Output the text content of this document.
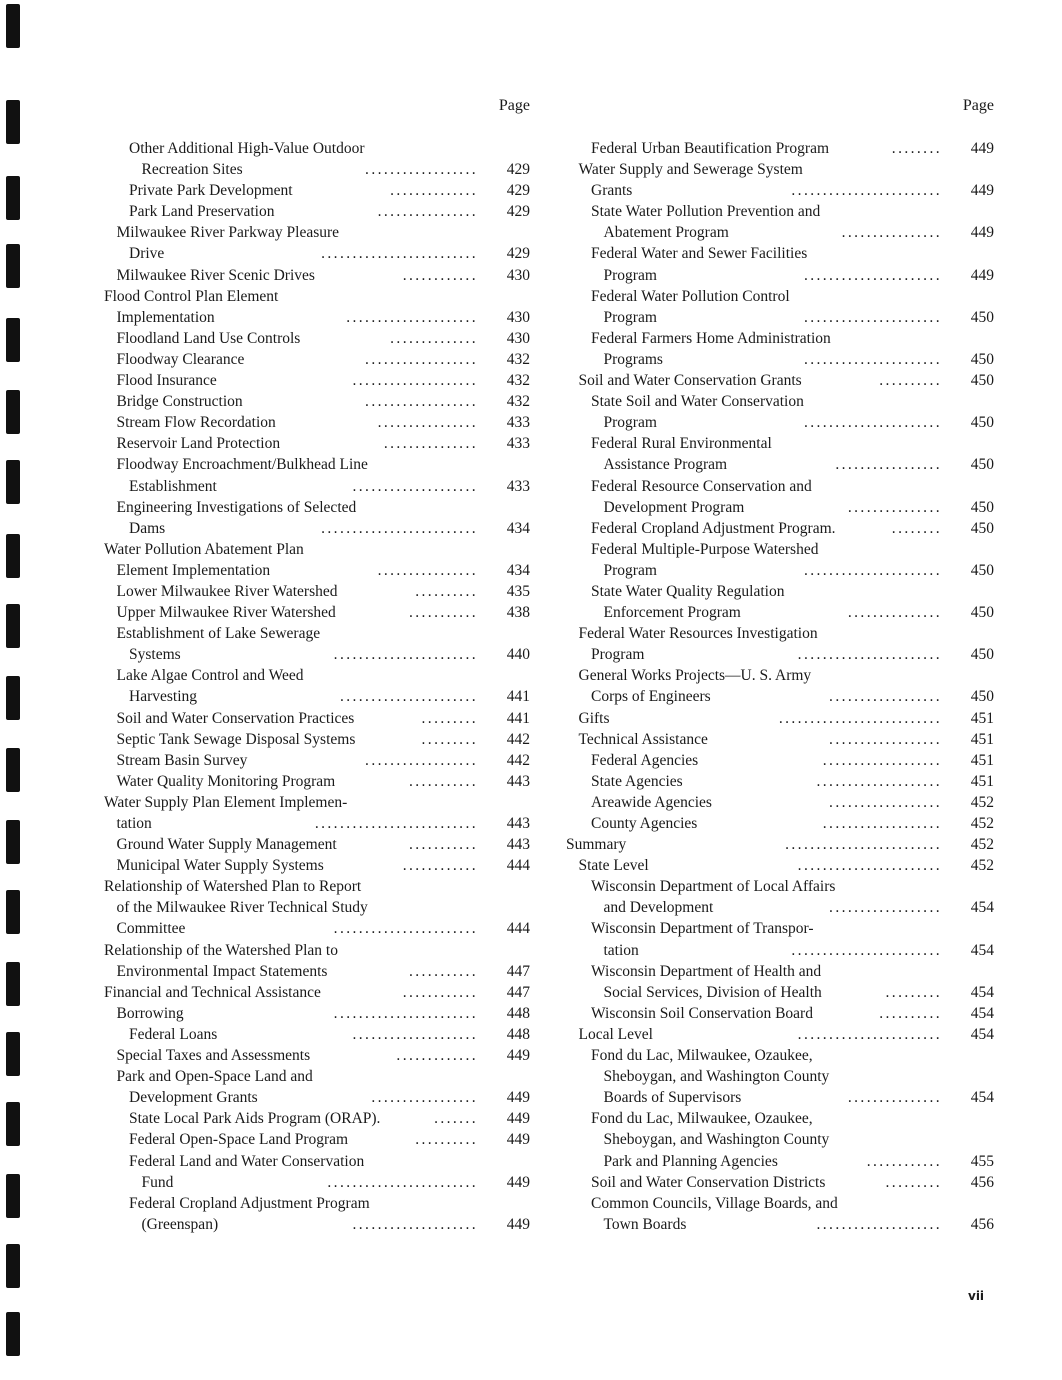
Page
Other Additional High-Value Outdoor
Recreation Sites	..................	429
Private Park Development	..............	429
Park Land Preservation	................	429
Milwaukee River Parkway Pleasure
Drive	.........................	429
Milwaukee River Scenic Drives	............	430
Flood Control Plan Element
Implementation	.....................	430
Floodland Land Use Controls	..............	430
Floodway Clearance	..................	432
Flood Insurance	....................	432
Bridge Construction	..................	432
Stream Flow Recordation	................	433
Reservoir Land Protection	...............	433
Floodway Encroachment/Bulkhead Line
Establishment	....................	433
Engineering Investigations of Selected
Dams	.........................	434
Water Pollution Abatement Plan
Element Implementation	................	434
Lower Milwaukee River Watershed	..........	435
Upper Milwaukee River Watershed	...........	438
Establishment of Lake Sewerage
Systems	.......................	440
Lake Algae Control and Weed
Harvesting	......................	441
Soil and Water Conservation Practices	.........	441
Septic Tank Sewage Disposal Systems	.........	442
Stream Basin Survey	..................	442
Water Quality Monitoring Program	...........	443
Water Supply Plan Element Implemen-
tation	..........................	443
Ground Water Supply Management	...........	443
Municipal Water Supply Systems	............	444
Relationship of Watershed Plan to Report
of the Milwaukee River Technical Study
Committee	.......................	444
Relationship of the Watershed Plan to
Environmental Impact Statements	...........	447
Financial and Technical Assistance	............	447
Borrowing	.......................	448
Federal Loans	....................	448
Special Taxes and Assessments	.............	449
Park and Open-Space Land and
Development Grants	.................	449
State Local Park Aids Program (ORAP).	.......	449
Federal Open-Space Land Program	..........	449
Federal Land and Water Conservation
Fund	........................	449
Federal Cropland Adjustment Program
(Greenspan)	....................	449
Page
Federal Urban Beautification Program	........	449
Water Supply and Sewerage System
Grants	........................	449
State Water Pollution Prevention and
Abatement Program	................	449
Federal Water and Sewer Facilities
Program	......................	449
Federal Water Pollution Control
Program	......................	450
Federal Farmers Home Administration
Programs	......................	450
Soil and Water Conservation Grants	..........	450
State Soil and Water Conservation
Program	......................	450
Federal Rural Environmental
Assistance Program	.................	450
Federal Resource Conservation and
Development Program	...............	450
Federal Cropland Adjustment Program.	........	450
Federal Multiple-Purpose Watershed
Program	......................	450
State Water Quality Regulation
Enforcement Program	...............	450
Federal Water Resources Investigation
Program	.......................	450
General Works Projects—U. S. Army
Corps of Engineers	..................	450
Gifts	..........................	451
Technical Assistance	..................	451
Federal Agencies	...................	451
State Agencies	....................	451
Areawide Agencies	..................	452
County Agencies	...................	452
Summary	.........................	452
State Level	.......................	452
Wisconsin Department of Local Affairs
and Development	..................	454
Wisconsin Department of Transpor-
tation	........................	454
Wisconsin Department of Health and
Social Services, Division of Health	.........	454
Wisconsin Soil Conservation Board	..........	454
Local Level	.......................	454
Fond du Lac, Milwaukee, Ozaukee,
Sheboygan, and Washington County
Boards of Supervisors	...............	454
Fond du Lac, Milwaukee, Ozaukee,
Sheboygan, and Washington County
Park and Planning Agencies	............	455
Soil and Water Conservation Districts	.........	456
Common Councils, Village Boards, and
Town Boards	....................	456
vii
